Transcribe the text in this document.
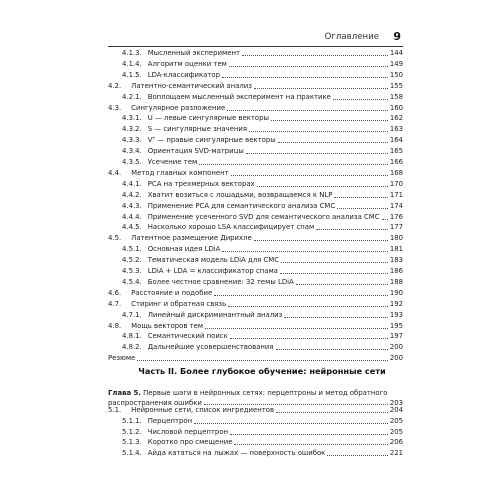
Оглавление 9
4.1.3. Мысленный эксперимент	144
4.1.4. Алгоритм оценки тем	149
4.1.5. LDA-классификатор	150
4.2. Латентно-семантический анализ	155
4.2.1. Воплощаем мысленный эксперимент на практике	158
4.3. Сингулярное разложение	160
4.3.1. U — левые сингулярные векторы	162
4.3.2. S — сингулярные значения	163
4.3.3. Vᵀ — правые сингулярные векторы	164
4.3.4. Ориентация SVD-матрицы	165
4.3.5. Усечение тем	166
4.4. Метод главных компонент	168
4.4.1. PCA на трехмерных векторах	170
4.4.2. Хватит возиться с лошадьми, возвращаемся к NLP	171
4.4.3. Применение PCA для семантического анализа СМС	174
4.4.4. Применение усеченного SVD для семантического анализа СМС 176
4.4.5. Насколько хорошо LSA классифицирует спам	177
4.5. Латентное размещение Дирихле	180
4.5.1. Основная идея LDiA	181
4.5.2. Тематическая модель LDiA для СМС	183
4.5.3. LDiA + LDA = классификатор спама	186
4.5.4. Более честное сравнение: 32 темы LDiA	188
4.6. Расстояние и подобие	190
4.7. Стиринг и обратная связь	192
4.7.1. Линейный дискриминантный анализ	193
4.8. Мощь векторов тем	195
4.8.1. Семантический поиск	197
4.8.2. Дальнейшие усовершенствования	200
Резюме	200
Часть II. Более глубокое обучение: нейронные сети
Глава 5. Первые шаги в нейронных сетях: перцептроны и метод обратного
распространения ошибки	203
5.1. Нейронные сети, список ингредиентов	204
5.1.1. Перцептрон	205
5.1.2. Числовой перцептрон	205
5.1.3. Коротко про смещение	206
5.1.4. Айда кататься на лыжах — поверхность ошибок	221
